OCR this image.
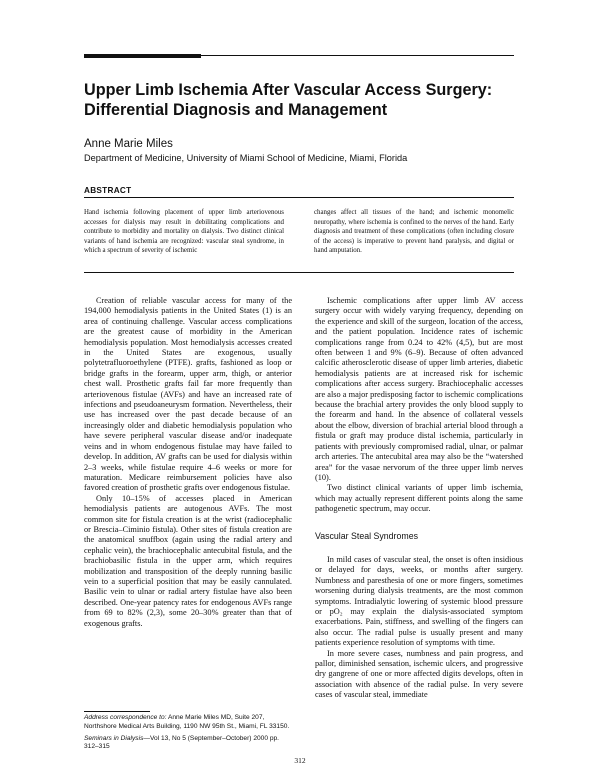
Upper Limb Ischemia After Vascular Access Surgery: Differential Diagnosis and Management
Anne Marie Miles
Department of Medicine, University of Miami School of Medicine, Miami, Florida
ABSTRACT

Hand ischemia following placement of upper limb arteriovenous accesses for dialysis may result in debilitating complications and contribute to morbidity and mortality on dialysis. Two distinct clinical variants of hand ischemia are recognized: vascular steal syndrome, in which a spectrum of severity of ischemic

changes affect all tissues of the hand; and ischemic monomelic neuropathy, where ischemia is confined to the nerves of the hand. Early diagnosis and treatment of these complications (often including closure of the access) is imperative to prevent hand paralysis, and digital or hand amputation.

Creation of reliable vascular access for many of the 194,000 hemodialysis patients in the United States (1) is an area of continuing challenge. Vascular access complications are the greatest cause of morbidity in the American hemodialysis population. Most hemodialysis accesses created in the United States are exogenous, usually polytetrafluoroethylene (PTFE). grafts, fashioned as loop or bridge grafts in the forearm, upper arm, thigh, or anterior chest wall. Prosthetic grafts fail far more frequently than arteriovenous fistulae (AVFs) and have an increased rate of infections and pseudoaneurysm formation. Nevertheless, their use has increased over the past decade because of an increasingly older and diabetic hemodialysis population who have severe peripheral vascular disease and/or inadequate veins and in whom endogenous fistulae may have failed to develop. In addition, AV grafts can be used for dialysis within 2–3 weeks, while fistulae require 4–6 weeks or more for maturation. Medicare reimbursement policies have also favored creation of prosthetic grafts over endogenous fistulae.

Only 10–15% of accesses placed in American hemodialysis patients are autogenous AVFs. The most common site for fistula creation is at the wrist (radiocephalic or Brescia–Ciminio fistula). Other sites of fistula creation are the anatomical snuffbox (again using the radial artery and cephalic vein), the brachiocephalic antecubital fistula, and the brachiobasilic fistula in the upper arm, which requires mobilization and transposition of the deeply running basilic vein to a superficial position that may be easily cannulated. Basilic vein to ulnar or radial artery fistulae have also been described. One-year patency rates for endogenous AVFs range from 69 to 82% (2,3), some 20–30% greater than that of exogenous grafts.

Ischemic complications after upper limb AV access surgery occur with widely varying frequency, depending on the experience and skill of the surgeon, location of the access, and the patient population. Incidence rates of ischemic complications range from 0.24 to 42% (4,5), but are most often between 1 and 9% (6–9). Because of often advanced calcific atherosclerotic disease of upper limb arteries, diabetic hemodialysis patients are at increased risk for ischemic complications after access surgery. Brachiocephalic accesses are also a major predisposing factor to ischemic complications because the brachial artery provides the only blood supply to the forearm and hand. In the absence of collateral vessels about the elbow, diversion of brachial arterial blood through a fistula or graft may produce distal ischemia, particularly in patients with previously compromised radial, ulnar, or palmar arch arteries. The antecubital area may also be the “watershed area” for the vasae nervorum of the three upper limb nerves (10).

Two distinct clinical variants of upper limb ischemia, which may actually represent different points along the same pathogenetic spectrum, may occur.

Vascular Steal Syndromes

In mild cases of vascular steal, the onset is often insidious or delayed for days, weeks, or months after surgery. Numbness and paresthesia of one or more fingers, sometimes worsening during dialysis treatments, are the most common symptoms. Intradialytic lowering of systemic blood pressure or pO₂ may explain the dialysis-associated symptom exacerbations. Pain, stiffness, and swelling of the fingers can also occur. The radial pulse is usually present and many patients experience resolution of symptoms with time.

In more severe cases, numbness and pain progress, and pallor, diminished sensation, ischemic ulcers, and progressive dry gangrene of one or more affected digits develops, often in association with absence of the radial pulse. In very severe cases of vascular steal, immediate

Address correspondence to: Anne Marie Miles MD, Suite 207, Northshore Medical Arts Building, 1190 NW 95th St., Miami, FL 33150.

Seminars in Dialysis—Vol 13, No 5 (September–October) 2000 pp. 312–315

312
